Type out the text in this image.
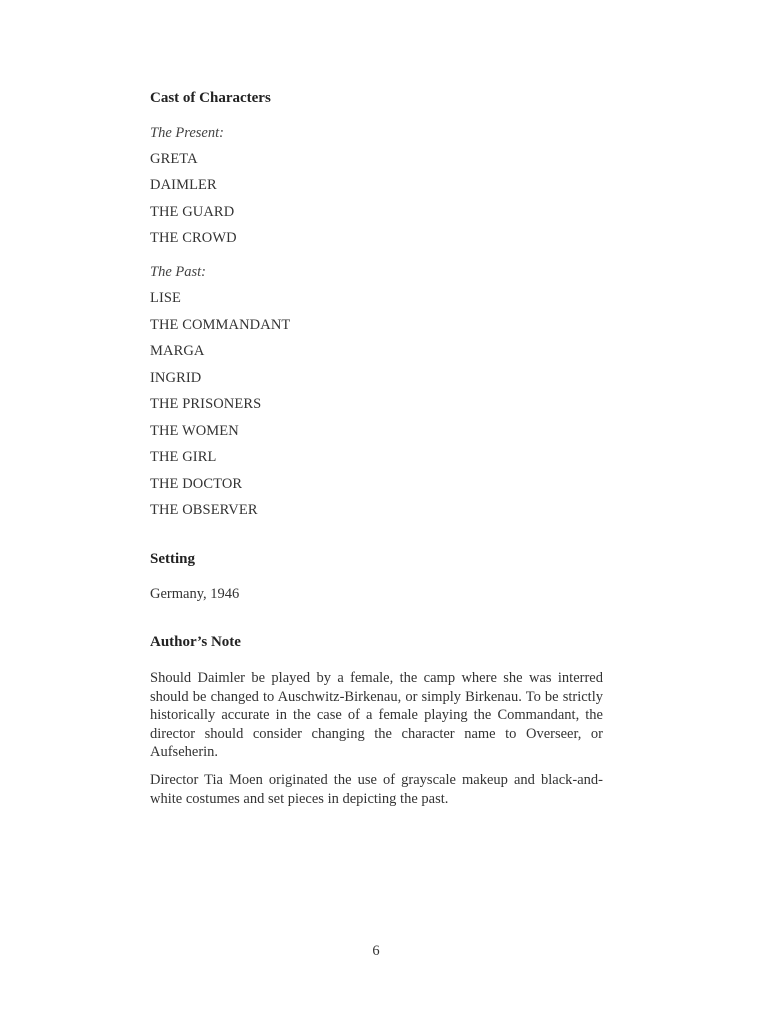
Cast of Characters
The Present:
GRETA
DAIMLER
THE GUARD
THE CROWD
The Past:
LISE
THE COMMANDANT
MARGA
INGRID
THE PRISONERS
THE WOMEN
THE GIRL
THE DOCTOR
THE OBSERVER
Setting
Germany, 1946
Author’s Note

Should Daimler be played by a female, the camp where she was interred should be changed to Auschwitz-Birkenau, or simply Birkenau. To be strictly historically accurate in the case of a female playing the Commandant, the director should consider changing the character name to Overseer, or Aufseherin.

Director Tia Moen originated the use of grayscale makeup and black-and-white costumes and set pieces in depicting the past.

6
